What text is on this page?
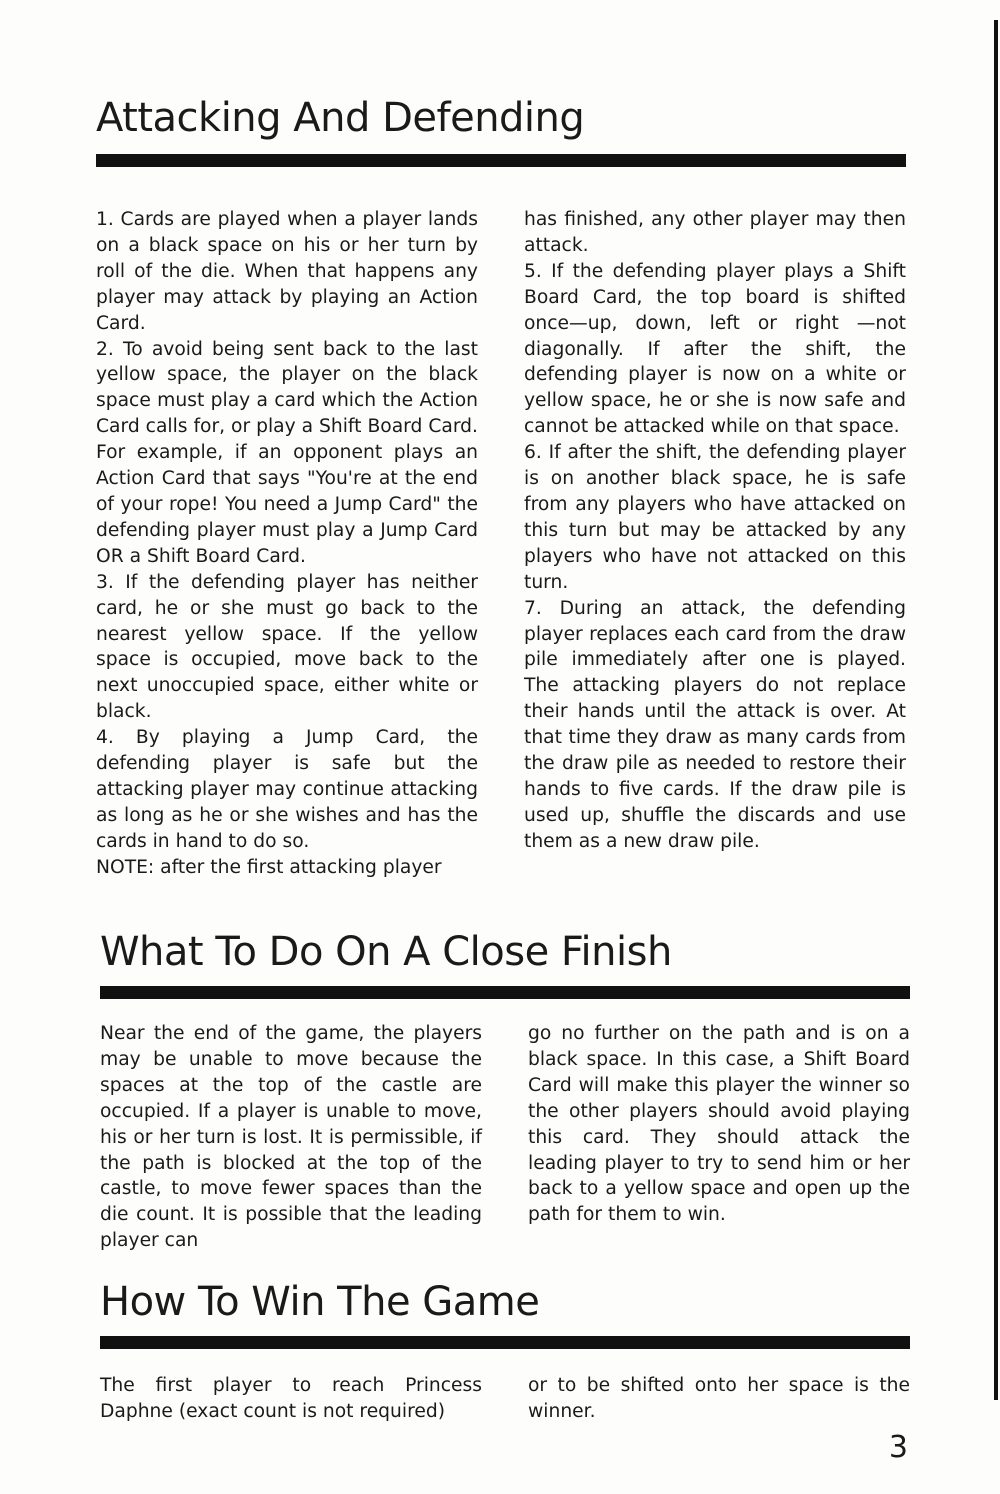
Attacking And Defending

1. Cards are played when a player lands on a black space on his or her turn by roll of the die. When that happens any player may attack by playing an Action Card.

2. To avoid being sent back to the last yellow space, the player on the black space must play a card which the Action Card calls for, or play a Shift Board Card. For example, if an opponent plays an Action Card that says "You're at the end of your rope! You need a Jump Card" the defending player must play a Jump Card OR a Shift Board Card.

3. If the defending player has neither card, he or she must go back to the nearest yellow space. If the yellow space is occupied, move back to the next unoccupied space, either white or black.

4. By playing a Jump Card, the defending player is safe but the attacking player may continue attacking as long as he or she wishes and has the cards in hand to do so.

NOTE: after the first attacking player

has finished, any other player may then attack.

5. If the defending player plays a Shift Board Card, the top board is shifted once—up, down, left or right —not diagonally. If after the shift, the defending player is now on a white or yellow space, he or she is now safe and cannot be attacked while on that space.

6. If after the shift, the defending player is on another black space, he is safe from any players who have attacked on this turn but may be attacked by any players who have not attacked on this turn.

7. During an attack, the defending player replaces each card from the draw pile immediately after one is played. The attacking players do not replace their hands until the attack is over. At that time they draw as many cards from the draw pile as needed to restore their hands to five cards. If the draw pile is used up, shuffle the discards and use them as a new draw pile.

What To Do On A Close Finish

Near the end of the game, the players may be unable to move because the spaces at the top of the castle are occupied. If a player is unable to move, his or her turn is lost. It is permissible, if the path is blocked at the top of the castle, to move fewer spaces than the die count. It is possible that the leading player can

go no further on the path and is on a black space. In this case, a Shift Board Card will make this player the winner so the other players should avoid playing this card. They should attack the leading player to try to send him or her back to a yellow space and open up the path for them to win.

How To Win The Game

The first player to reach Princess Daphne (exact count is not required)

or to be shifted onto her space is the winner.

3
